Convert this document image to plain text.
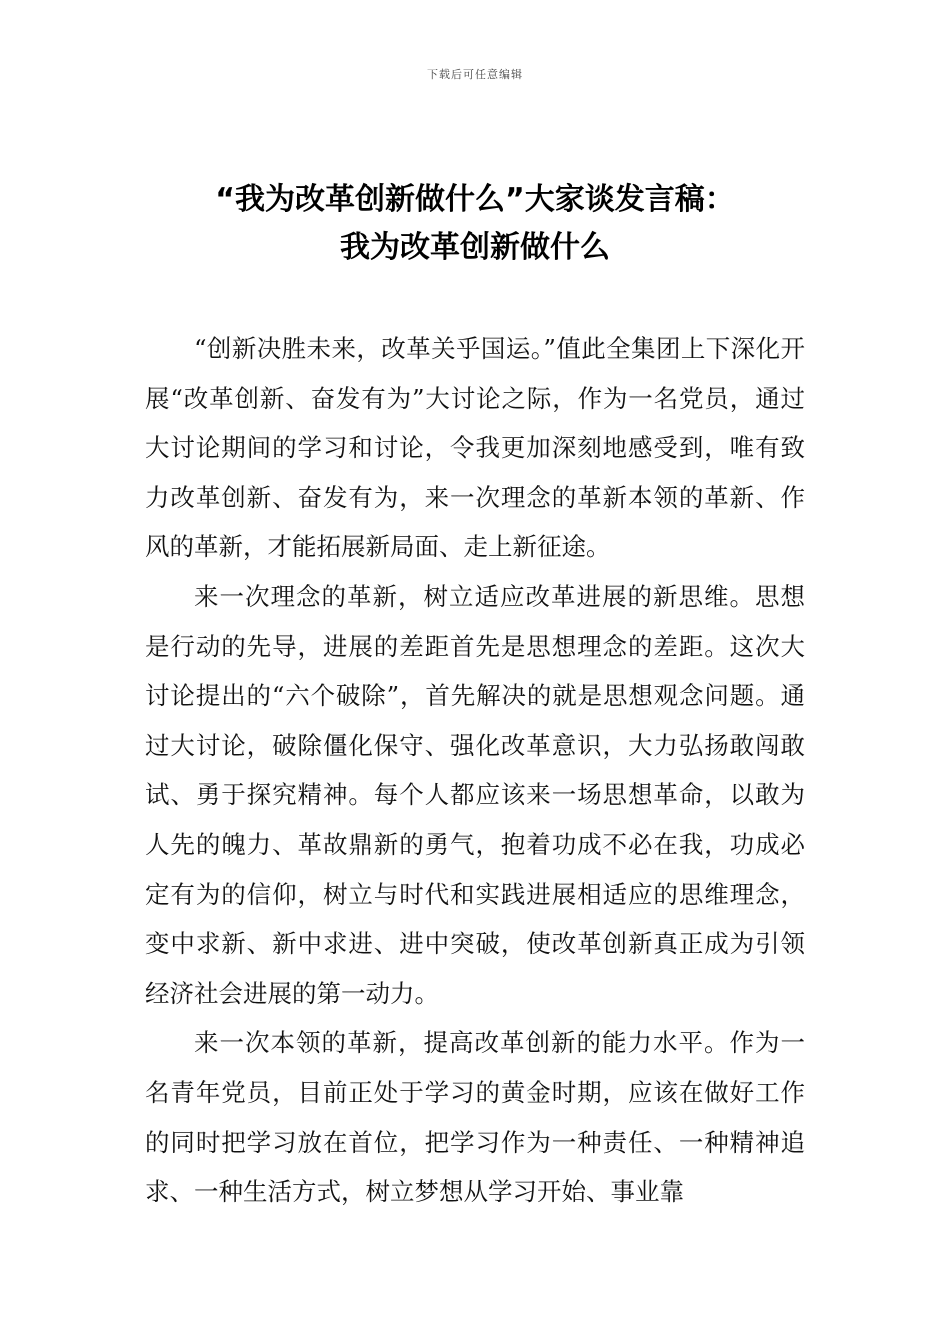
下载后可任意编辑
“我为改革创新做什么”大家谈发言稿：
我为改革创新做什么

“创新决胜未来，改革关乎国运。”值此全集团上下深化开展“改革创新、奋发有为”大讨论之际，作为一名党员，通过大讨论期间的学习和讨论，令我更加深刻地感受到，唯有致力改革创新、奋发有为，来一次理念的革新本领的革新、作风的革新，才能拓展新局面、走上新征途。

来一次理念的革新，树立适应改革进展的新思维。思想是行动的先导，进展的差距首先是思想理念的差距。这次大讨论提出的“六个破除”，首先解决的就是思想观念问题。通过大讨论，破除僵化保守、强化改革意识，大力弘扬敢闯敢试、勇于探究精神。每个人都应该来一场思想革命，以敢为人先的魄力、革故鼎新的勇气，抱着功成不必在我，功成必定有为的信仰，树立与时代和实践进展相适应的思维理念，变中求新、新中求进、进中突破，使改革创新真正成为引领经济社会进展的第一动力。

来一次本领的革新，提高改革创新的能力水平。作为一名青年党员，目前正处于学习的黄金时期，应该在做好工作的同时把学习放在首位，把学习作为一种责任、一种精神追求、一种生活方式，树立梦想从学习开始、事业靠
